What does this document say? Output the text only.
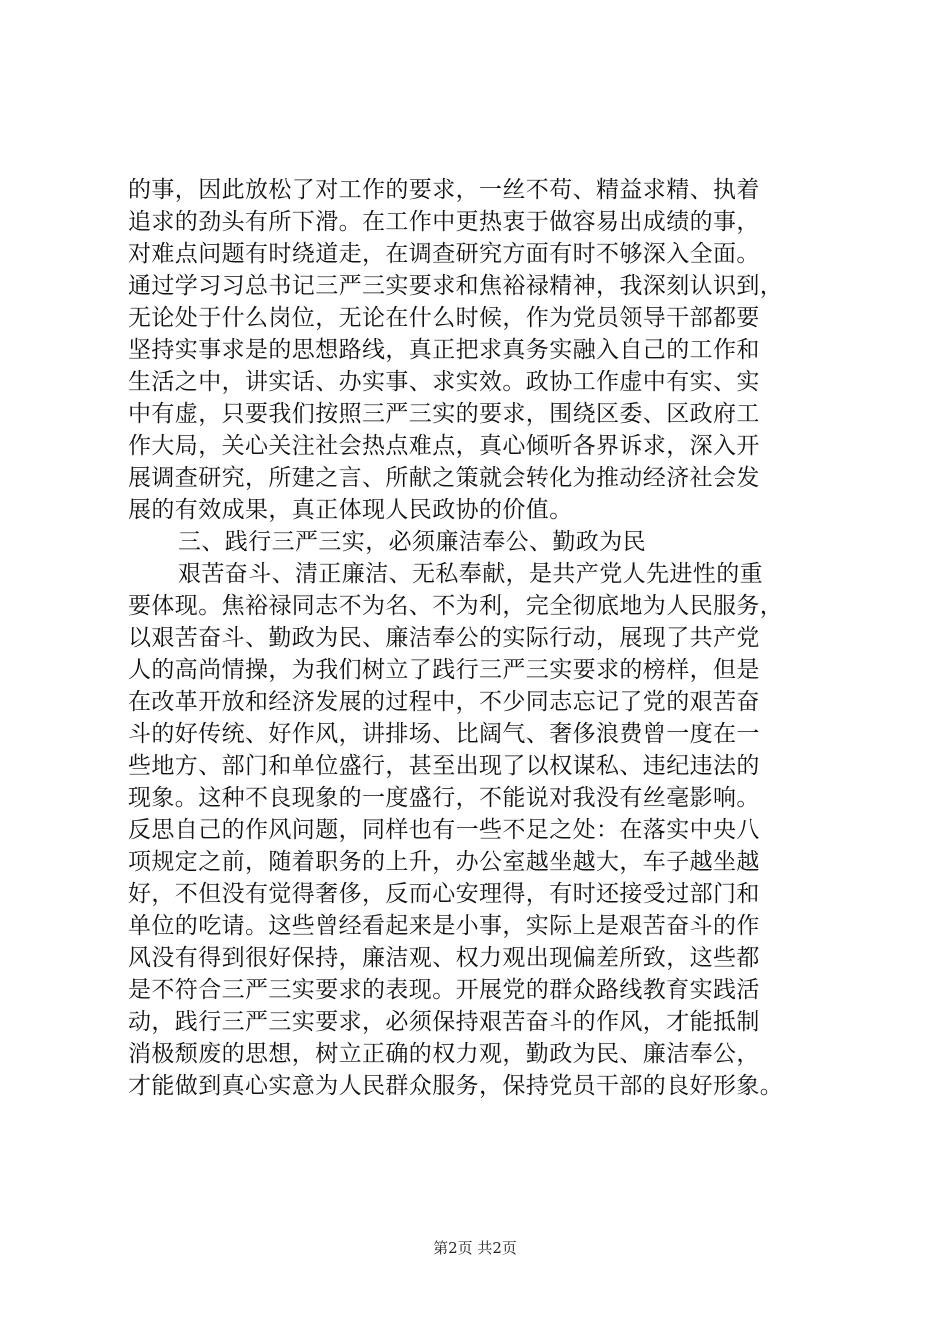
的事，因此放松了对工作的要求，一丝不苟、精益求精、执着
追求的劲头有所下滑。在工作中更热衷于做容易出成绩的事，
对难点问题有时绕道走，在调查研究方面有时不够深入全面。
通过学习习总书记三严三实要求和焦裕禄精神，我深刻认识到，
无论处于什么岗位，无论在什么时候，作为党员领导干部都要
坚持实事求是的思想路线，真正把求真务实融入自己的工作和
生活之中，讲实话、办实事、求实效。政协工作虚中有实、实
中有虚，只要我们按照三严三实的要求，围绕区委、区政府工
作大局，关心关注社会热点难点，真心倾听各界诉求，深入开
展调查研究，所建之言、所献之策就会转化为推动经济社会发
展的有效成果，真正体现人民政协的价值。
三、践行三严三实，必须廉洁奉公、勤政为民
艰苦奋斗、清正廉洁、无私奉献，是共产党人先进性的重
要体现。焦裕禄同志不为名、不为利，完全彻底地为人民服务，
以艰苦奋斗、勤政为民、廉洁奉公的实际行动，展现了共产党
人的高尚情操，为我们树立了践行三严三实要求的榜样，但是
在改革开放和经济发展的过程中，不少同志忘记了党的艰苦奋
斗的好传统、好作风，讲排场、比阔气、奢侈浪费曾一度在一
些地方、部门和单位盛行，甚至出现了以权谋私、违纪违法的
现象。这种不良现象的一度盛行，不能说对我没有丝毫影响。
反思自己的作风问题，同样也有一些不足之处：在落实中央八
项规定之前，随着职务的上升，办公室越坐越大，车子越坐越
好，不但没有觉得奢侈，反而心安理得，有时还接受过部门和
单位的吃请。这些曾经看起来是小事，实际上是艰苦奋斗的作
风没有得到很好保持，廉洁观、权力观出现偏差所致，这些都
是不符合三严三实要求的表现。开展党的群众路线教育实践活
动，践行三严三实要求，必须保持艰苦奋斗的作风，才能抵制
消极颓废的思想，树立正确的权力观，勤政为民、廉洁奉公，
才能做到真心实意为人民群众服务，保持党员干部的良好形象。
第2页 共2页
